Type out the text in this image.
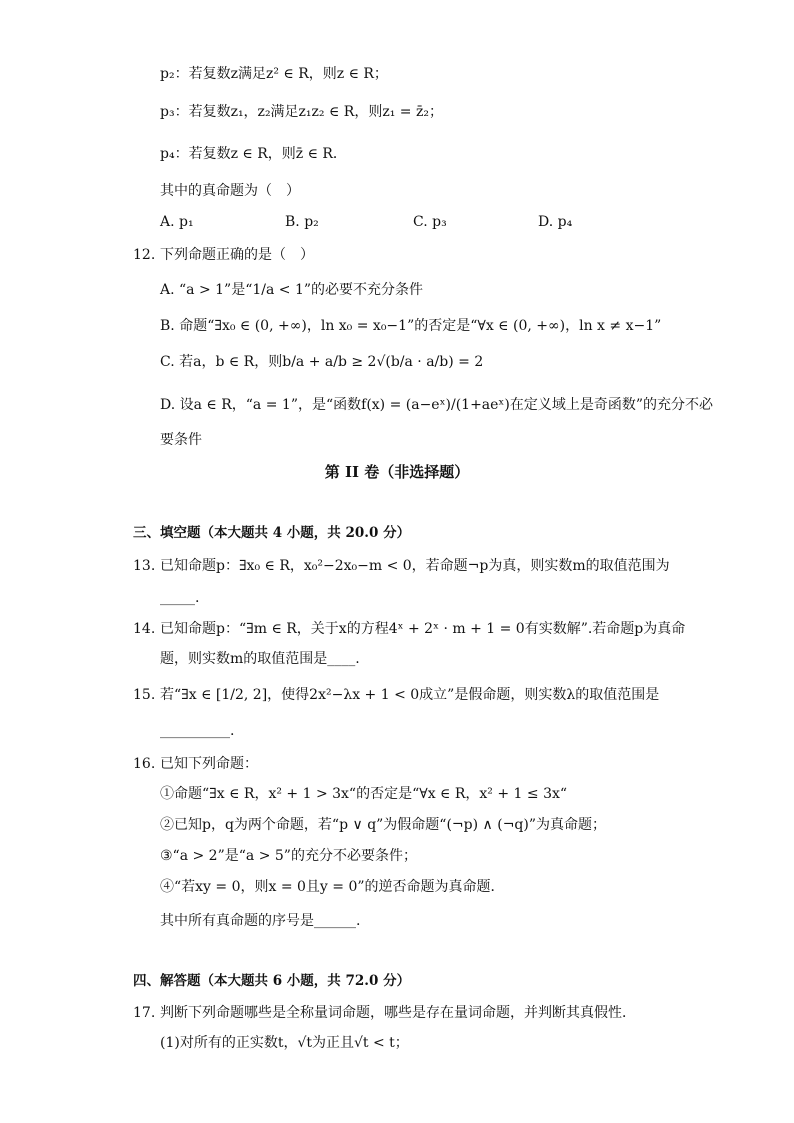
p₂：若复数z满足z² ∈ R，则z ∈ R；
p₃：若复数z₁，z₂满足z₁z₂ ∈ R，则z₁ = z̄₂；
p₄：若复数z ∈ R，则z̄ ∈ R．
其中的真命题为（　）
A. p₁	B. p₂	C. p₃	D. p₄
12. 下列命题正确的是（　）
A. “a > 1”是“1/a < 1”的必要不充分条件
B. 命题“∃x₀ ∈ (0, +∞)，ln x₀ = x₀−1”的否定是“∀x ∈ (0, +∞)，ln x ≠ x−1”
C. 若a，b ∈ R，则b/a + a/b ≥ 2√(b/a · a/b) = 2
D. 设a ∈ R，“a = 1”，是“函数f(x) = (a−eˣ)/(1+aeˣ)在定义域上是奇函数”的充分不必
要条件
第 II 卷（非选择题）
三、填空题（本大题共 4 小题，共 20.0 分）
13. 已知命题p：∃x₀ ∈ R，x₀²−2x₀−m < 0，若命题¬p为真，则实数m的取值范围为
_____.
14. 已知命题p：“∃m ∈ R，关于x的方程4ˣ + 2ˣ · m + 1 = 0有实数解”.若命题p为真命
题，则实数m的取值范围是____.
15. 若“∃x ∈ [1/2, 2]，使得2x²−λx + 1 < 0成立”是假命题，则实数λ的取值范围是
__________.
16. 已知下列命题：
①命题“∃x ∈ R，x² + 1 > 3x“的否定是“∀x ∈ R，x² + 1 ≤ 3x“
②已知p，q为两个命题，若“p ∨ q”为假命题“(¬p) ∧ (¬q)”为真命题；
③“a > 2”是“a > 5”的充分不必要条件；
④“若xy = 0，则x = 0且y = 0”的逆否命题为真命题．
其中所有真命题的序号是______.
四、解答题（本大题共 6 小题，共 72.0 分）
17. 判断下列命题哪些是全称量词命题，哪些是存在量词命题，并判断其真假性．
(1)对所有的正实数t，√t为正且√t < t；
